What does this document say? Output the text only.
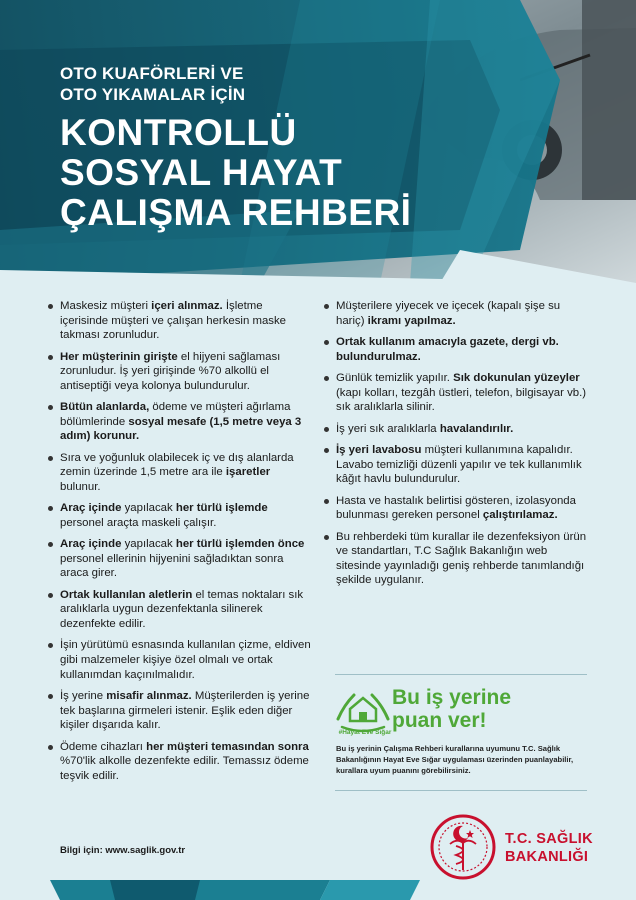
OTO KUAFÖRLERİ VE
OTO YIKAMALAR İÇİN
KONTROLLÜ
SOSYAL HAYAT
ÇALIŞMA REHBERİ
Maskesiz müşteri içeri alınmaz. İşletme içerisinde müşteri ve çalışan herkesin maske takması zorunludur.
Her müşterinin girişte el hijyeni sağlaması zorunludur. İş yeri girişinde %70 alkollü el antiseptiği veya kolonya bulundurulur.
Bütün alanlarda, ödeme ve müşteri ağırlama bölümlerinde sosyal mesafe (1,5 metre veya 3 adım) korunur.
Sıra ve yoğunluk olabilecek iç ve dış alanlarda zemin üzerinde 1,5 metre ara ile işaretler bulunur.
Araç içinde yapılacak her türlü işlemde personel araçta maskeli çalışır.
Araç içinde yapılacak her türlü işlemden önce personel ellerinin hijyenini sağladıktan sonra araca girer.
Ortak kullanılan aletlerin el temas noktaları sık aralıklarla uygun dezenfektanla silinerek dezenfekte edilir.
İşin yürütümü esnasında kullanılan çizme, eldiven gibi malzemeler kişiye özel olmalı ve ortak kullanımdan kaçınılmalıdır.
İş yerine misafir alınmaz. Müşterilerden iş yerine tek başlarına girmeleri istenir. Eşlik eden diğer kişiler dışarıda kalır.
Ödeme cihazları her müşteri temasından sonra %70'lik alkolle dezenfekte edilir. Temassız ödeme teşvik edilir.
Müşterilere yiyecek ve içecek (kapalı şişe su hariç) ikramı yapılmaz.
Ortak kullanım amacıyla gazete, dergi vb. bulundurulmaz.
Günlük temizlik yapılır. Sık dokunulan yüzeyler (kapı kolları, tezgâh üstleri, telefon, bilgisayar vb.) sık aralıklarla silinir.
İş yeri sık aralıklarla havalandırılır.
İş yeri lavabosu müşteri kullanımına kapalıdır. Lavabo temizliği düzenli yapılır ve tek kullanımlık kâğıt havlu bulundurulur.
Hasta ve hastalık belirtisi gösteren, izolasyonda bulunması gereken personel çalıştırılamaz.
Bu rehberdeki tüm kurallar ile dezenfeksiyon ürün ve standartları, T.C Sağlık Bakanlığın web sitesinde yayınladığı geniş rehberde tanımlandığı şekilde uygulanır.
#Hayat Eve Sığar
Bu iş yerine
puan ver!
Bu iş yerinin Çalışma Rehberi kurallarına uyumunu T.C. Sağlık Bakanlığının Hayat Eve Sığar uygulaması üzerinden puanlayabilir, kurallara uyum puanını görebilirsiniz.
Bilgi için: www.saglik.gov.tr
T.C. SAĞLIK
BAKANLIĞI
